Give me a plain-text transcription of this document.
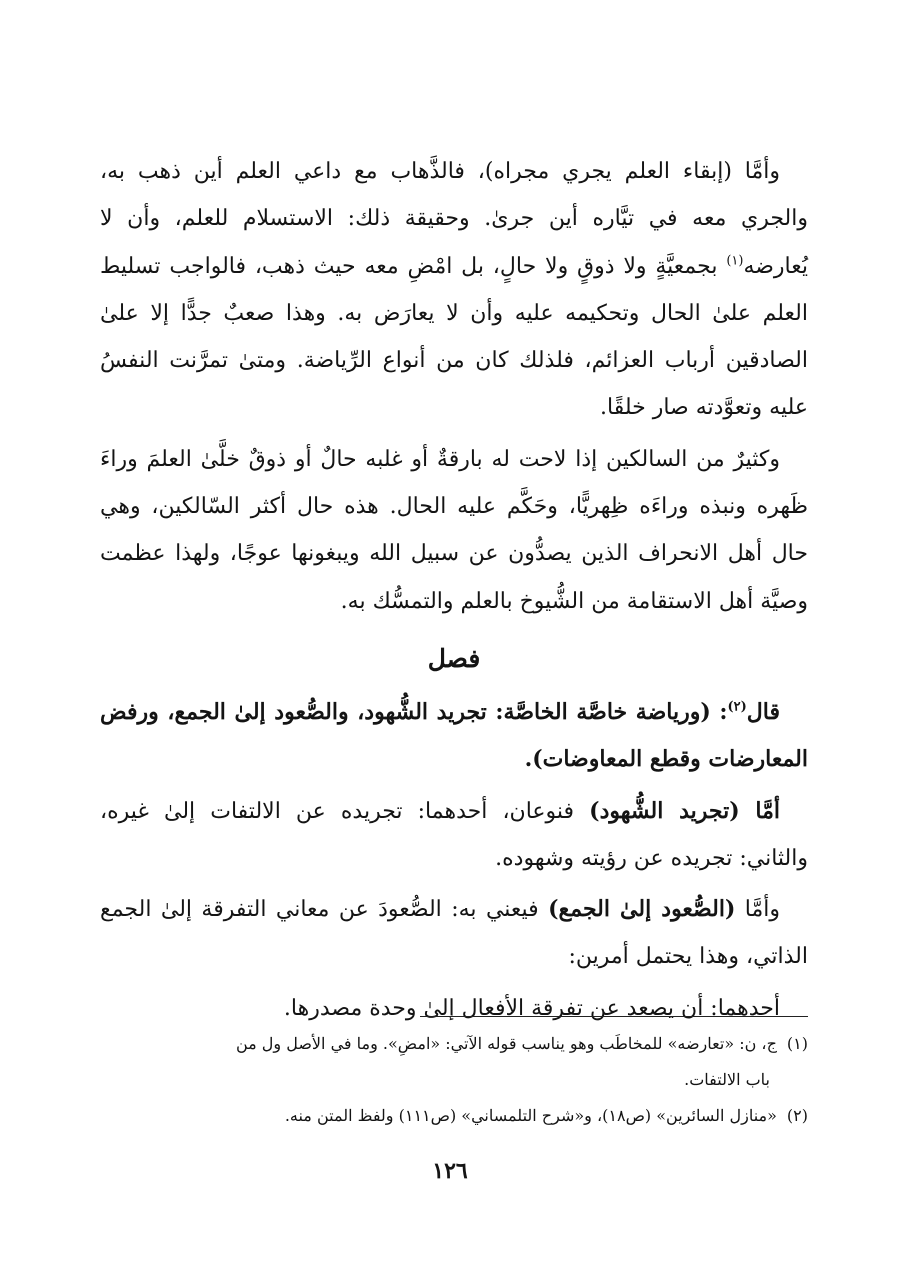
وأمَّا (إبقاء العلم يجري مجراه)، فالذَّهاب مع داعي العلم أين ذهب به، والجري معه في تيَّاره أين جرىٰ. وحقيقة ذلك: الاستسلام للعلم، وأن لا يُعارضه$^{(١)}$ بجمعيَّةٍ ولا ذوقٍ ولا حالٍ، بل امْضِ معه حيث ذهب، فالواجب تسليط العلم علىٰ الحال وتحكيمه عليه وأن لا يعارَض به. وهذا صعبٌ جدًّا إلا علىٰ الصادقين أرباب العزائم، فلذلك كان من أنواع الرِّياضة. ومتىٰ تمرَّنت النفسُ عليه وتعوَّدته صار خلقًا.

وكثيرٌ من السالكين إذا لاحت له بارقةٌ أو غلبه حالٌ أو ذوقٌ خلَّىٰ العلمَ وراءَ ظَهره ونبذه وراءَه ظِهريًّا، وحَكَّم عليه الحال. هذه حال أكثر السّالكين، وهي حال أهل الانحراف الذين يصدُّون عن سبيل الله ويبغونها عوجًا، ولهذا عظمت وصيَّة أهل الاستقامة من الشُّيوخ بالعلم والتمسُّك به.

فصل

قال$^{(٢)}$: (ورياضة خاصَّة الخاصَّة: تجريد الشُّهود، والصُّعود إلىٰ الجمع، ورفض المعارضات وقطع المعاوضات).

أمَّا (تجريد الشُّهود) فنوعان، أحدهما: تجريده عن الالتفات إلىٰ غيره، والثاني: تجريده عن رؤيته وشهوده.

وأمَّا (الصُّعود إلىٰ الجمع) فيعني به: الصُّعودَ عن معاني التفرقة إلىٰ الجمع الذاتي، وهذا يحتمل أمرين:

أحدهما: أن يصعد عن تفرقة الأفعال إلىٰ وحدة مصدرها.

(١)ج، ن: «تعارضه» للمخاطَب وهو يناسب قوله الآتي: «امضِ». وما في الأصل ول من

باب الالتفات.

(٢)«منازل السائرين» (ص١٨)، و«شرح التلمساني» (ص١١١) ولفظ المتن منه.

١٢٦
